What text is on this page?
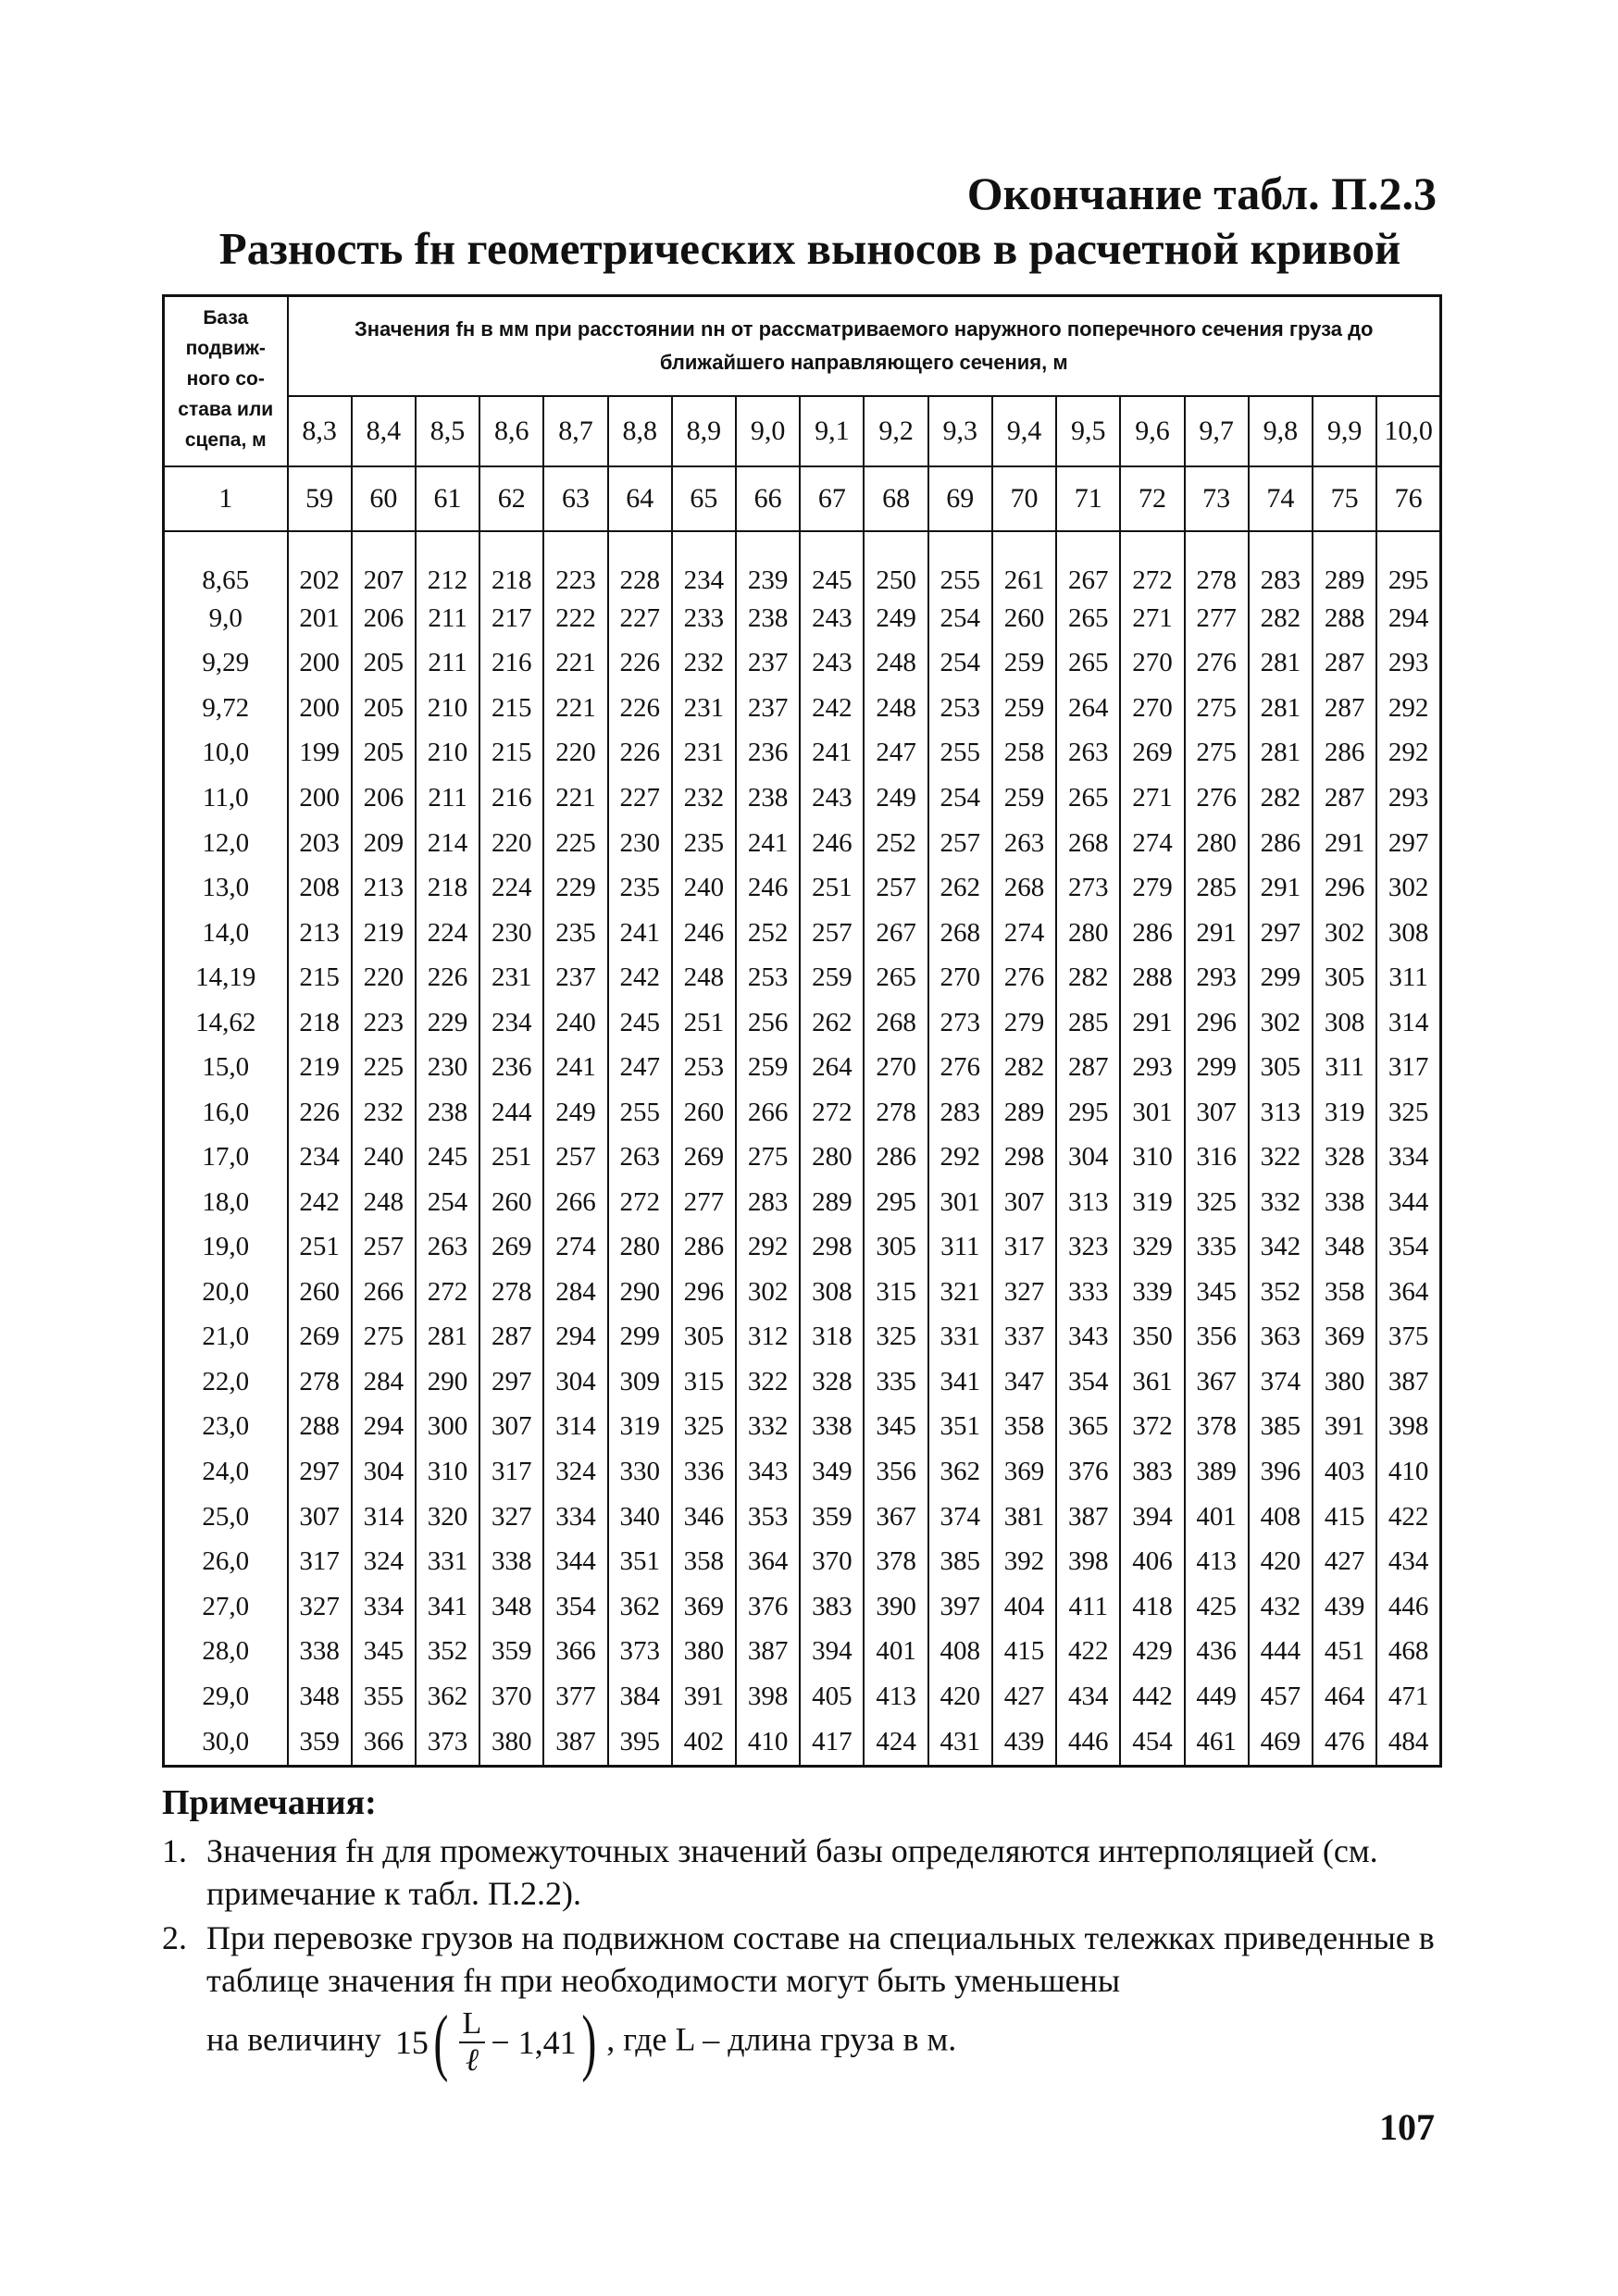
Окончание табл. П.2.3
Разность fн геометрических выносов в расчетной кривой
База
подвиж-
ного со-
става или
сцепа, м	Значения fн в мм при расстоянии nн от рассматриваемого наружного поперечного сечения груза до ближайшего направляющего сечения, м																	
	8,3	8,4	8,5	8,6	8,7	8,8	8,9	9,0	9,1	9,2	9,3	9,4	9,5	9,6	9,7	9,8	9,9	10,0
1	59	60	61	62	63	64	65	66	67	68	69	70	71	72	73	74	75	76
8,65	202	207	212	218	223	228	234	239	245	250	255	261	267	272	278	283	289	295
9,0	201	206	211	217	222	227	233	238	243	249	254	260	265	271	277	282	288	294
9,29	200	205	211	216	221	226	232	237	243	248	254	259	265	270	276	281	287	293
9,72	200	205	210	215	221	226	231	237	242	248	253	259	264	270	275	281	287	292
10,0	199	205	210	215	220	226	231	236	241	247	255	258	263	269	275	281	286	292
11,0	200	206	211	216	221	227	232	238	243	249	254	259	265	271	276	282	287	293
12,0	203	209	214	220	225	230	235	241	246	252	257	263	268	274	280	286	291	297
13,0	208	213	218	224	229	235	240	246	251	257	262	268	273	279	285	291	296	302
14,0	213	219	224	230	235	241	246	252	257	267	268	274	280	286	291	297	302	308
14,19	215	220	226	231	237	242	248	253	259	265	270	276	282	288	293	299	305	311
14,62	218	223	229	234	240	245	251	256	262	268	273	279	285	291	296	302	308	314
15,0	219	225	230	236	241	247	253	259	264	270	276	282	287	293	299	305	311	317
16,0	226	232	238	244	249	255	260	266	272	278	283	289	295	301	307	313	319	325
17,0	234	240	245	251	257	263	269	275	280	286	292	298	304	310	316	322	328	334
18,0	242	248	254	260	266	272	277	283	289	295	301	307	313	319	325	332	338	344
19,0	251	257	263	269	274	280	286	292	298	305	311	317	323	329	335	342	348	354
20,0	260	266	272	278	284	290	296	302	308	315	321	327	333	339	345	352	358	364
21,0	269	275	281	287	294	299	305	312	318	325	331	337	343	350	356	363	369	375
22,0	278	284	290	297	304	309	315	322	328	335	341	347	354	361	367	374	380	387
23,0	288	294	300	307	314	319	325	332	338	345	351	358	365	372	378	385	391	398
24,0	297	304	310	317	324	330	336	343	349	356	362	369	376	383	389	396	403	410
25,0	307	314	320	327	334	340	346	353	359	367	374	381	387	394	401	408	415	422
26,0	317	324	331	338	344	351	358	364	370	378	385	392	398	406	413	420	427	434
27,0	327	334	341	348	354	362	369	376	383	390	397	404	411	418	425	432	439	446
28,0	338	345	352	359	366	373	380	387	394	401	408	415	422	429	436	444	451	468
29,0	348	355	362	370	377	384	391	398	405	413	420	427	434	442	449	457	464	471
30,0	359	366	373	380	387	395	402	410	417	424	431	439	446	454	461	469	476	484
Примечания:
1. Значения fн для промежуточных значений базы определяются интерполяцией (см. примечание к табл. П.2.2).
2. При перевозке грузов на подвижном составе на специальных тележках приведенные в таблице значения fн при необходимости могут быть уменьшены
на величину 15 ( $\frac{L}{\text{ℓ}} - 1,41$ ) , где L – длина груза в м.
107
